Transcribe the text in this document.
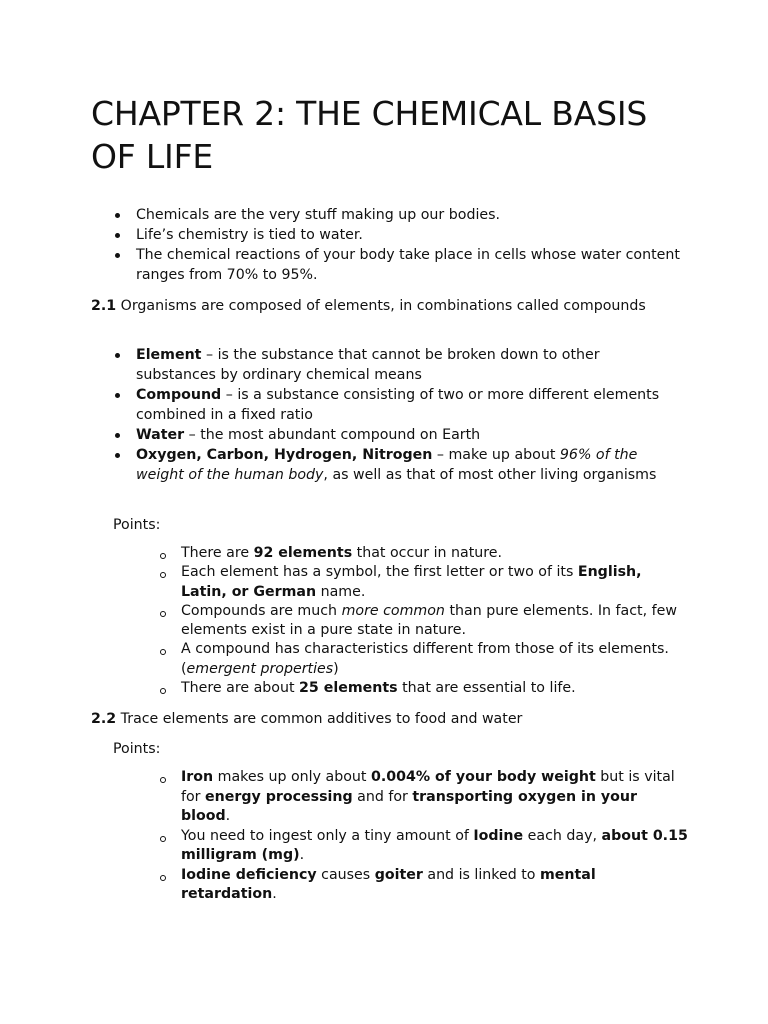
CHAPTER 2: THE CHEMICAL BASIS OF LIFE
Chemicals are the very stuff making up our bodies.
Life’s chemistry is tied to water.
The chemical reactions of your body take place in cells whose water content ranges from 70% to 95%.
2.1 Organisms are composed of elements, in combinations called compounds
Element – is the substance that cannot be broken down to other substances by ordinary chemical means
Compound – is a substance consisting of two or more different elements combined in a fixed ratio
Water – the most abundant compound on Earth
Oxygen, Carbon, Hydrogen, Nitrogen – make up about 96% of the weight of the human body, as well as that of most other living organisms
Points:
There are 92 elements that occur in nature.
Each element has a symbol, the first letter or two of its English, Latin, or German name.
Compounds are much more common than pure elements. In fact, few elements exist in a pure state in nature.
A compound has characteristics different from those of its elements. (emergent properties)
There are about 25 elements that are essential to life.
2.2 Trace elements are common additives to food and water
Points:
Iron makes up only about 0.004% of your body weight but is vital for energy processing and for transporting oxygen in your blood.
You need to ingest only a tiny amount of Iodine each day, about 0.15 milligram (mg).
Iodine deficiency causes goiter and is linked to mental retardation.
